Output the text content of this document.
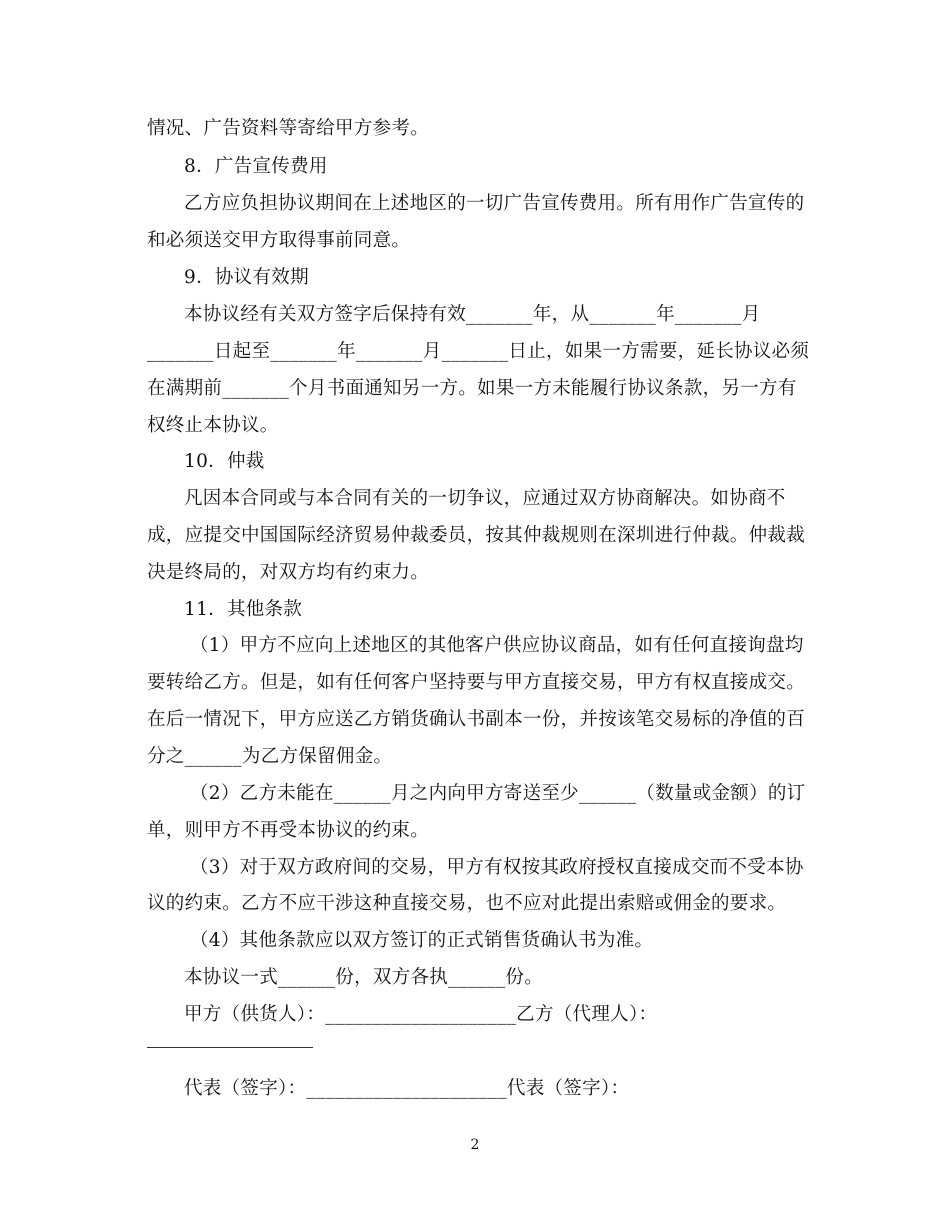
情况、广告资料等寄给甲方参考。
8．广告宣传费用
乙方应负担协议期间在上述地区的一切广告宣传费用。所有用作广告宣传的
和必须送交甲方取得事前同意。
9．协议有效期
本协议经有关双方签字后保持有效_______年，从_______年_______月
_______日起至_______年_______月_______日止，如果一方需要，延长协议必须
在满期前_______个月书面通知另一方。如果一方未能履行协议条款，另一方有
权终止本协议。
10．仲裁
凡因本合同或与本合同有关的一切争议，应通过双方协商解决。如协商不
成，应提交中国国际经济贸易仲裁委员，按其仲裁规则在深圳进行仲裁。仲裁裁
决是终局的，对双方均有约束力。
11．其他条款
（1）甲方不应向上述地区的其他客户供应协议商品，如有任何直接询盘均
要转给乙方。但是，如有任何客户坚持要与甲方直接交易，甲方有权直接成交。
在后一情况下，甲方应送乙方销货确认书副本一份，并按该笔交易标的净值的百
分之______为乙方保留佣金。
（2）乙方未能在______月之内向甲方寄送至少______（数量或金额）的订
单，则甲方不再受本协议的约束。
（3）对于双方政府间的交易，甲方有权按其政府授权直接成交而不受本协
议的约束。乙方不应干涉这种直接交易，也不应对此提出索赔或佣金的要求。
（4）其他条款应以双方签订的正式销售货确认书为准。
本协议一式______份，双方各执______份。
甲方（供货人）：____________________乙方（代理人）：
代表（签字）：_____________________代表（签字）：
2
